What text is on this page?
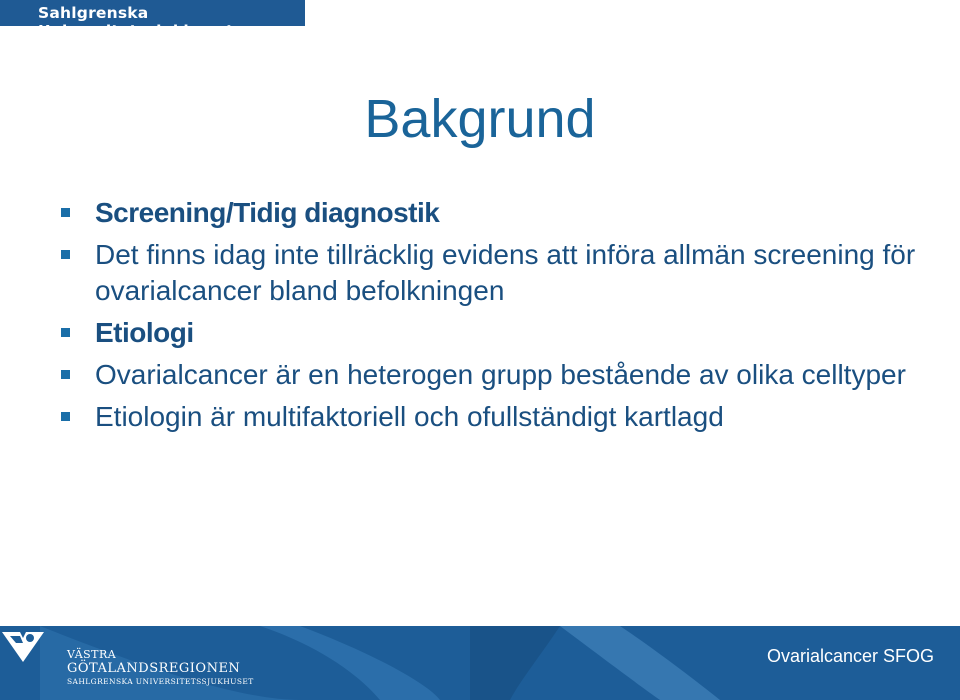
Sahlgrenska Universitetssjukhuset
Bakgrund
Screening/Tidig diagnostik
Det finns idag inte tillräcklig evidens att införa allmän screening för ovarialcancer bland befolkningen
Etiologi
Ovarialcancer är en heterogen grupp bestående av olika celltyper
Etiologin är multifaktoriell och ofullständigt kartlagd
VÄSTRA
GÖTALANDSREGIONEN
SAHLGRENSKA UNIVERSITETSSJUKHUSET
Ovarialcancer SFOG
